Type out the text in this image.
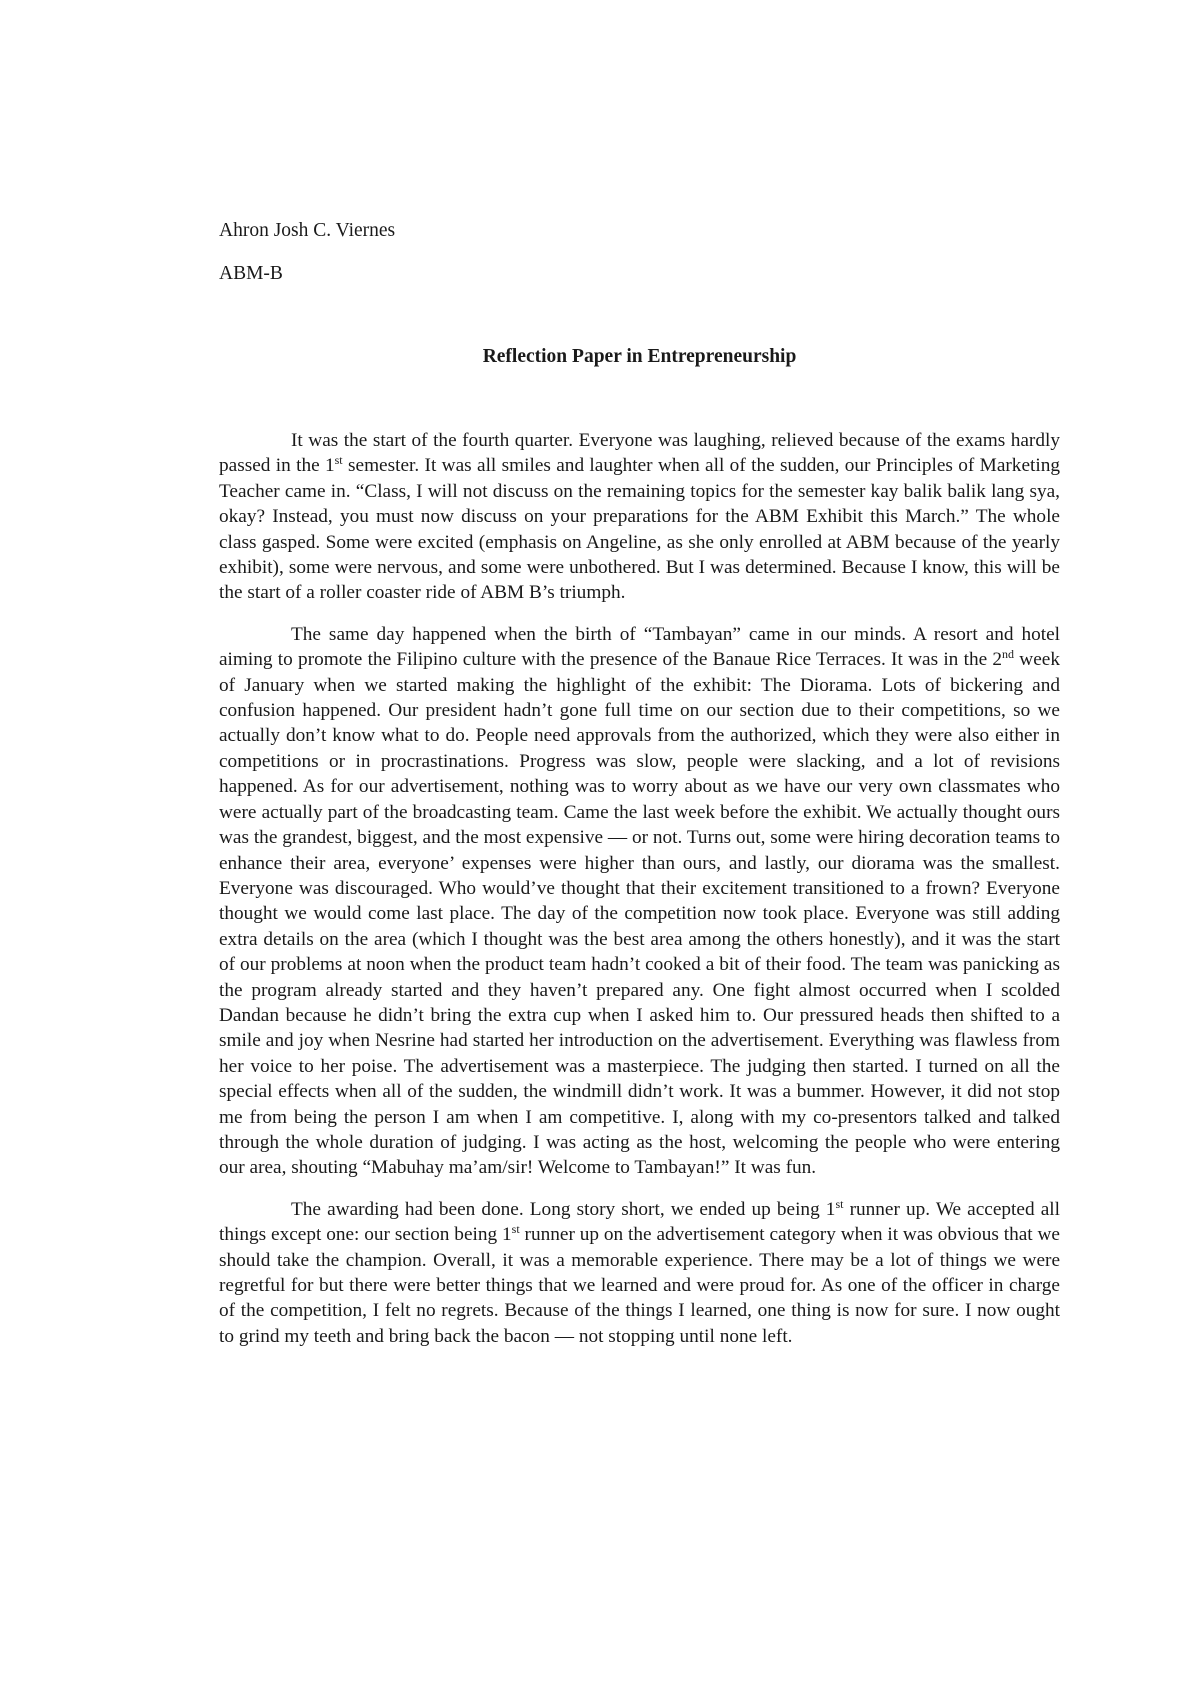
Ahron Josh C. Viernes
ABM-B
Reflection Paper in Entrepreneurship

It was the start of the fourth quarter. Everyone was laughing, relieved because of the exams hardly passed in the 1st semester. It was all smiles and laughter when all of the sudden, our Principles of Marketing Teacher came in. “Class, I will not discuss on the remaining topics for the semester kay balik balik lang sya, okay? Instead, you must now discuss on your preparations for the ABM Exhibit this March.” The whole class gasped. Some were excited (emphasis on Angeline, as she only enrolled at ABM because of the yearly exhibit), some were nervous, and some were unbothered. But I was determined. Because I know, this will be the start of a roller coaster ride of ABM B’s triumph.

The same day happened when the birth of “Tambayan” came in our minds. A resort and hotel aiming to promote the Filipino culture with the presence of the Banaue Rice Terraces. It was in the 2nd week of January when we started making the highlight of the exhibit: The Diorama. Lots of bickering and confusion happened. Our president hadn’t gone full time on our section due to their competitions, so we actually don’t know what to do. People need approvals from the authorized, which they were also either in competitions or in procrastinations. Progress was slow, people were slacking, and a lot of revisions happened. As for our advertisement, nothing was to worry about as we have our very own classmates who were actually part of the broadcasting team. Came the last week before the exhibit. We actually thought ours was the grandest, biggest, and the most expensive — or not. Turns out, some were hiring decoration teams to enhance their area, everyone’ expenses were higher than ours, and lastly, our diorama was the smallest. Everyone was discouraged. Who would’ve thought that their excitement transitioned to a frown? Everyone thought we would come last place. The day of the competition now took place. Everyone was still adding extra details on the area (which I thought was the best area among the others honestly), and it was the start of our problems at noon when the product team hadn’t cooked a bit of their food. The team was panicking as the program already started and they haven’t prepared any. One fight almost occurred when I scolded Dandan because he didn’t bring the extra cup when I asked him to. Our pressured heads then shifted to a smile and joy when Nesrine had started her introduction on the advertisement. Everything was flawless from her voice to her poise. The advertisement was a masterpiece. The judging then started. I turned on all the special effects when all of the sudden, the windmill didn’t work. It was a bummer. However, it did not stop me from being the person I am when I am competitive. I, along with my co-presentors talked and talked through the whole duration of judging. I was acting as the host, welcoming the people who were entering our area, shouting “Mabuhay ma’am/sir! Welcome to Tambayan!” It was fun.

The awarding had been done. Long story short, we ended up being 1st runner up. We accepted all things except one: our section being 1st runner up on the advertisement category when it was obvious that we should take the champion. Overall, it was a memorable experience. There may be a lot of things we were regretful for but there were better things that we learned and were proud for. As one of the officer in charge of the competition, I felt no regrets. Because of the things I learned, one thing is now for sure. I now ought to grind my teeth and bring back the bacon — not stopping until none left.
